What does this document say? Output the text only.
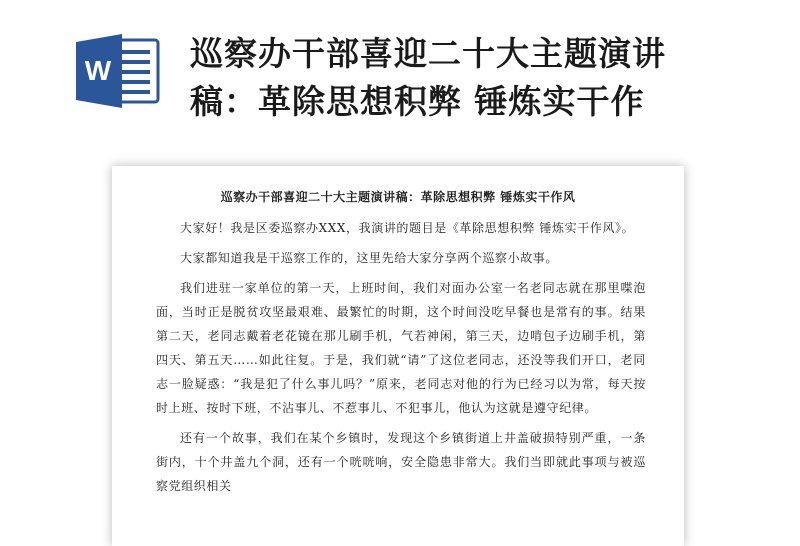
W 巡察办干部喜迎二十大主题演讲
稿：革除思想积弊 锤炼实干作
巡察办干部喜迎二十大主题演讲稿：革除思想积弊 锤炼实干作风

大家好！我是区委巡察办XXX，我演讲的题目是《革除思想积弊 锤炼实干作风》。

大家都知道我是干巡察工作的，这里先给大家分享两个巡察小故事。

我们进驻一家单位的第一天，上班时间，我们对面办公室一名老同志就在那里喋泡面，当时正是脱贫攻坚最艰难、最繁忙的时期，这个时间没吃早餐也是常有的事。结果第二天，老同志戴着老花镜在那儿刷手机，气若神闲，第三天，边啃包子边刷手机，第四天、第五天……如此往复。于是，我们就“请”了这位老同志，还没等我们开口，老同志一脸疑惑：“我是犯了什么事儿吗？”原来，老同志对他的行为已经习以为常，每天按时上班、按时下班，不沾事儿、不惹事儿、不犯事儿，他认为这就是遵守纪律。

还有一个故事，我们在某个乡镇时，发现这个乡镇街道上井盖破损特别严重，一条街内，十个井盖九个洞，还有一个咣咣响，安全隐患非常大。我们当即就此事项与被巡察党组织相关
